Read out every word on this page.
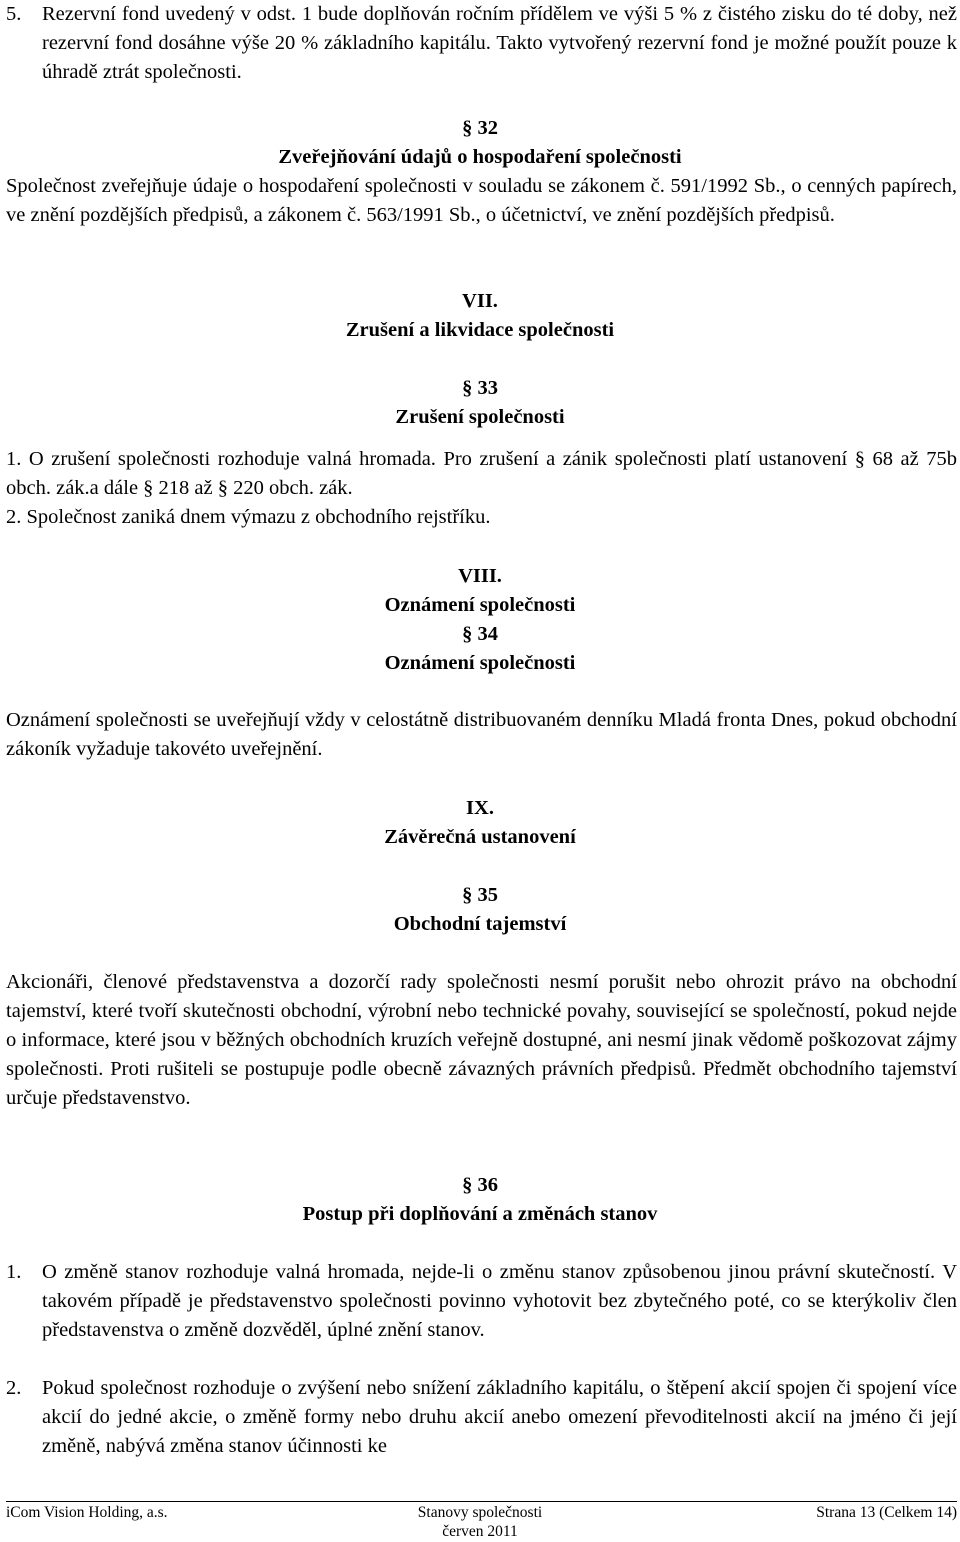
5. Rezervní fond uvedený v odst. 1 bude doplňován ročním přídělem ve výši 5 % z čistého zisku do té doby, než rezervní fond dosáhne výše 20 % základního kapitálu. Takto vytvořený rezervní fond je možné použít pouze k úhradě ztrát společnosti.
§ 32
Zveřejňování údajů o hospodaření společnosti
Společnost zveřejňuje údaje o hospodaření společnosti v souladu se zákonem č. 591/1992 Sb., o cenných papírech, ve znění pozdějších předpisů, a zákonem č. 563/1991 Sb., o účetnictví, ve znění pozdějších předpisů.
VII.
Zrušení a likvidace společnosti
§ 33
Zrušení společnosti
1. O zrušení společnosti rozhoduje valná hromada. Pro zrušení a zánik společnosti platí ustanovení § 68 až 75b obch. zák.a dále § 218 až § 220 obch. zák.
2. Společnost zaniká dnem výmazu z obchodního rejstříku.
VIII.
Oznámení společnosti
§ 34
Oznámení společnosti
Oznámení společnosti se uveřejňují vždy v celostátně distribuovaném denníku Mladá fronta Dnes, pokud obchodní zákoník vyžaduje takovéto uveřejnění.
IX.
Závěrečná ustanovení
§ 35
Obchodní tajemství
Akcionáři, členové představenstva a dozorčí rady společnosti nesmí porušit nebo ohrozit právo na obchodní tajemství, které tvoří skutečnosti obchodní, výrobní nebo technické povahy, související se společností, pokud nejde o informace, které jsou v běžných obchodních kruzích veřejně dostupné, ani nesmí jinak vědomě poškozovat zájmy společnosti. Proti rušiteli se postupuje podle obecně závazných právních předpisů. Předmět obchodního tajemství určuje představenstvo.
§ 36
Postup při doplňování a změnách stanov
1. O změně stanov rozhoduje valná hromada, nejde-li o změnu stanov způsobenou jinou právní skutečností. V takovém případě je představenstvo společnosti povinno vyhotovit bez zbytečného poté, co se kterýkoliv člen představenstva o změně dozvěděl, úplné znění stanov.
2. Pokud společnost rozhoduje o zvýšení nebo snížení základního kapitálu, o štěpení akcií spojen či spojení více akcií do jedné akcie, o změně formy nebo druhu akcií anebo omezení převoditelnosti akcií na jméno či její změně, nabývá změna stanov účinnosti ke
iCom Vision Holding, a.s.	Stanovy společnosti
červen 2011
Strana 13 (Celkem 14)
